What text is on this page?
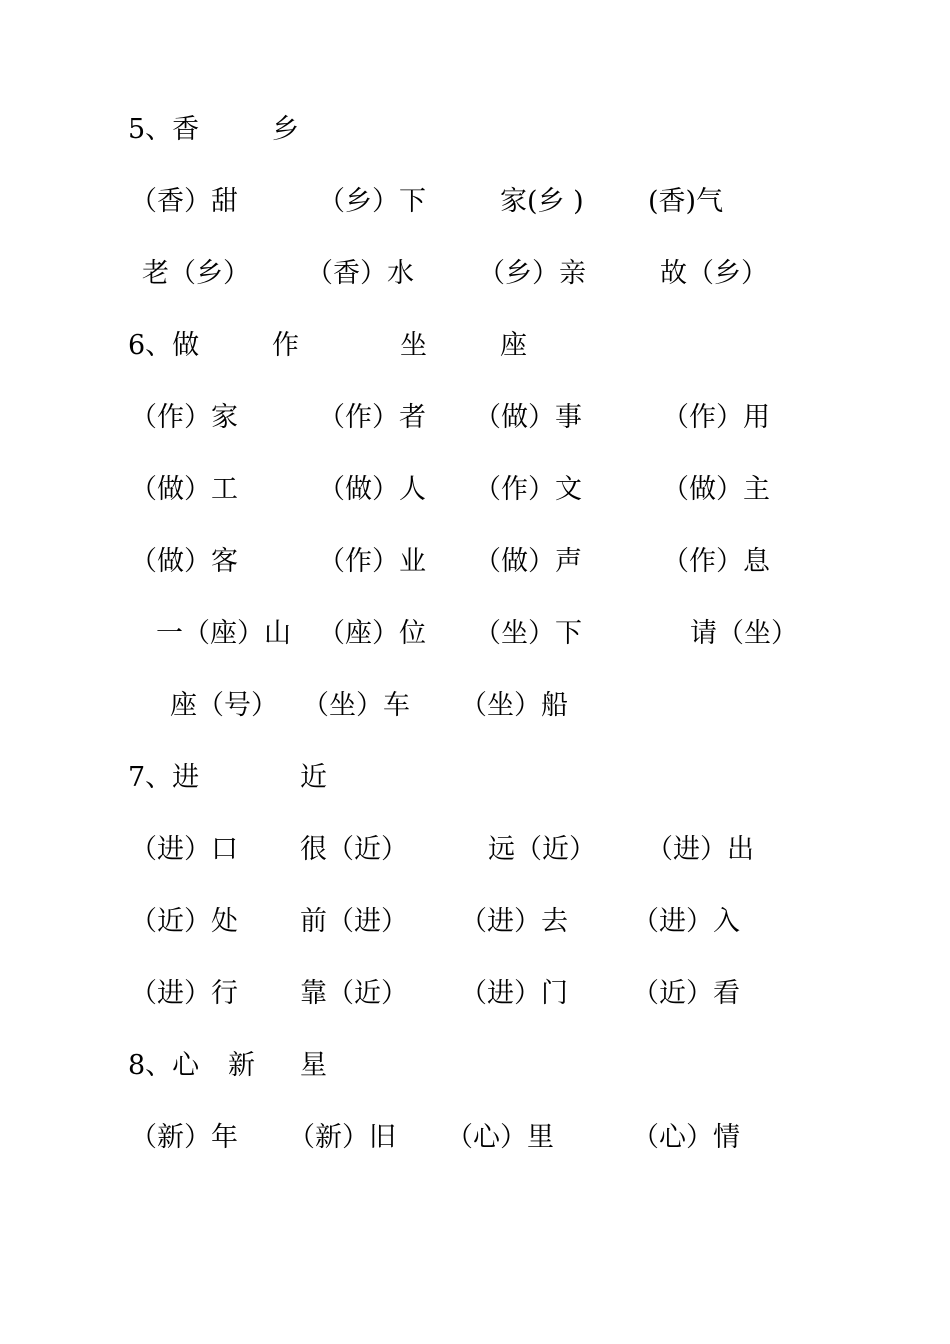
5、香	乡
（香）甜	（乡）下	家(乡 ) (香)气
老（乡） （香）水 （乡）亲	故（乡）
6、做	作	坐	座
（作）家	（作）者 （做）事	（作）用
（做）工	（做）人 （作）文	（做）主
（做）客	（作）业 （做）声	（作）息
一（座）山 （座）位 （坐）下	请（坐）
座（号） （坐）车 （坐）船
7、进	近
（进）口 很（近）	远（近） （进）出
（近）处 前（进） （进）去 （进）入
（进）行 靠（近） （进）门 （近）看
8、心 新 星
（新）年 （新）旧 （心）里	（心）情
